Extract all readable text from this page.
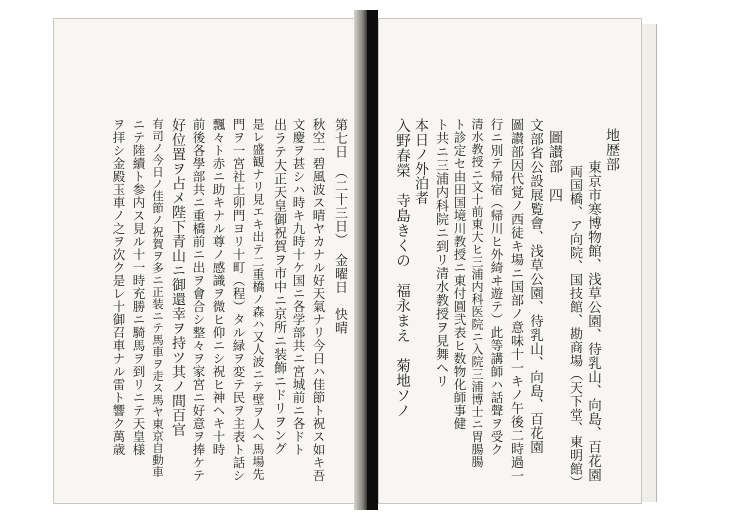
地歴部
東京市寒博物館、浅草公園、待乳山、向島、百花園
両国橋、ア向院、国技館、勘商場（天下堂、東明館）
圖讃部　四
文部省公設展覧會、浅草公園、待乳山、向島、百花園
圖讃部因代覚ノ西徒キ場ニ国部ノ意味十一キノ午後二時過一
行ニ別テ帰宿（帰川ヒ外綺ヰ遊テ）此等講師ハ話聲ヲ受ク
清水教授ニ文十前東大ヒ三浦内科医院ニ入院三浦博士ニ胃腸腸
ト診定セ由田国境川教授ニ東付圓弐表ヒ数物化師事健
ト共ニ三浦内科院ニ到リ清水教授ヲ見舞ヘリ
本日ノ外泊者
入野春榮　寺島きくの　福永まえ　菊地ソノ
第七日　（二十三日）　金曜日　快晴
秋空一碧風波ス晴ヤカナル好天氣ナリ今日ハ佳節ト祝ス如キ吾
文慶ヲ甚シハ時キ九時十ケ国ニ各学部共ニ宮城前ニ各ドト
出ラテ大正天皇御祝賀ヲ市中ニ京所ニ装飾ニドリヲング
是レ盛観ナリ見エキ出テ二重橋ノ森ハ又人波ニテ壁ヲ人ヘ馬場先
門ヲ一宮社土卯門ヨリ十町（程）タル緑ヲ変テ民ヲ主表ト話シ
飄々ト赤ニ助キナル尊ノ感識ヲ微ヒ仰ニシ祝ヒ神ヘキ十時
前後各學部共ニ重橋前ニ出ヲ會合シ整々ヲ家宮ニ好意ヲ捧ケテ
好位置ヲ占メ陛下青山ニ御還幸ヲ持ツ其ノ間百官
有司ノ今日ノ佳節ノ祝賀ヲ多ニ正装ニテ馬車ヲ走ス馬ヤ東京自動車
ニテ陸續ト参内ス見ル十一時充勝ニ騎馬ヲ到リニテ天皇様
ヲ拝シ金殿玉車ノ之ヲ次ク是レ十御召車ナル雷ト響ク萬歳
